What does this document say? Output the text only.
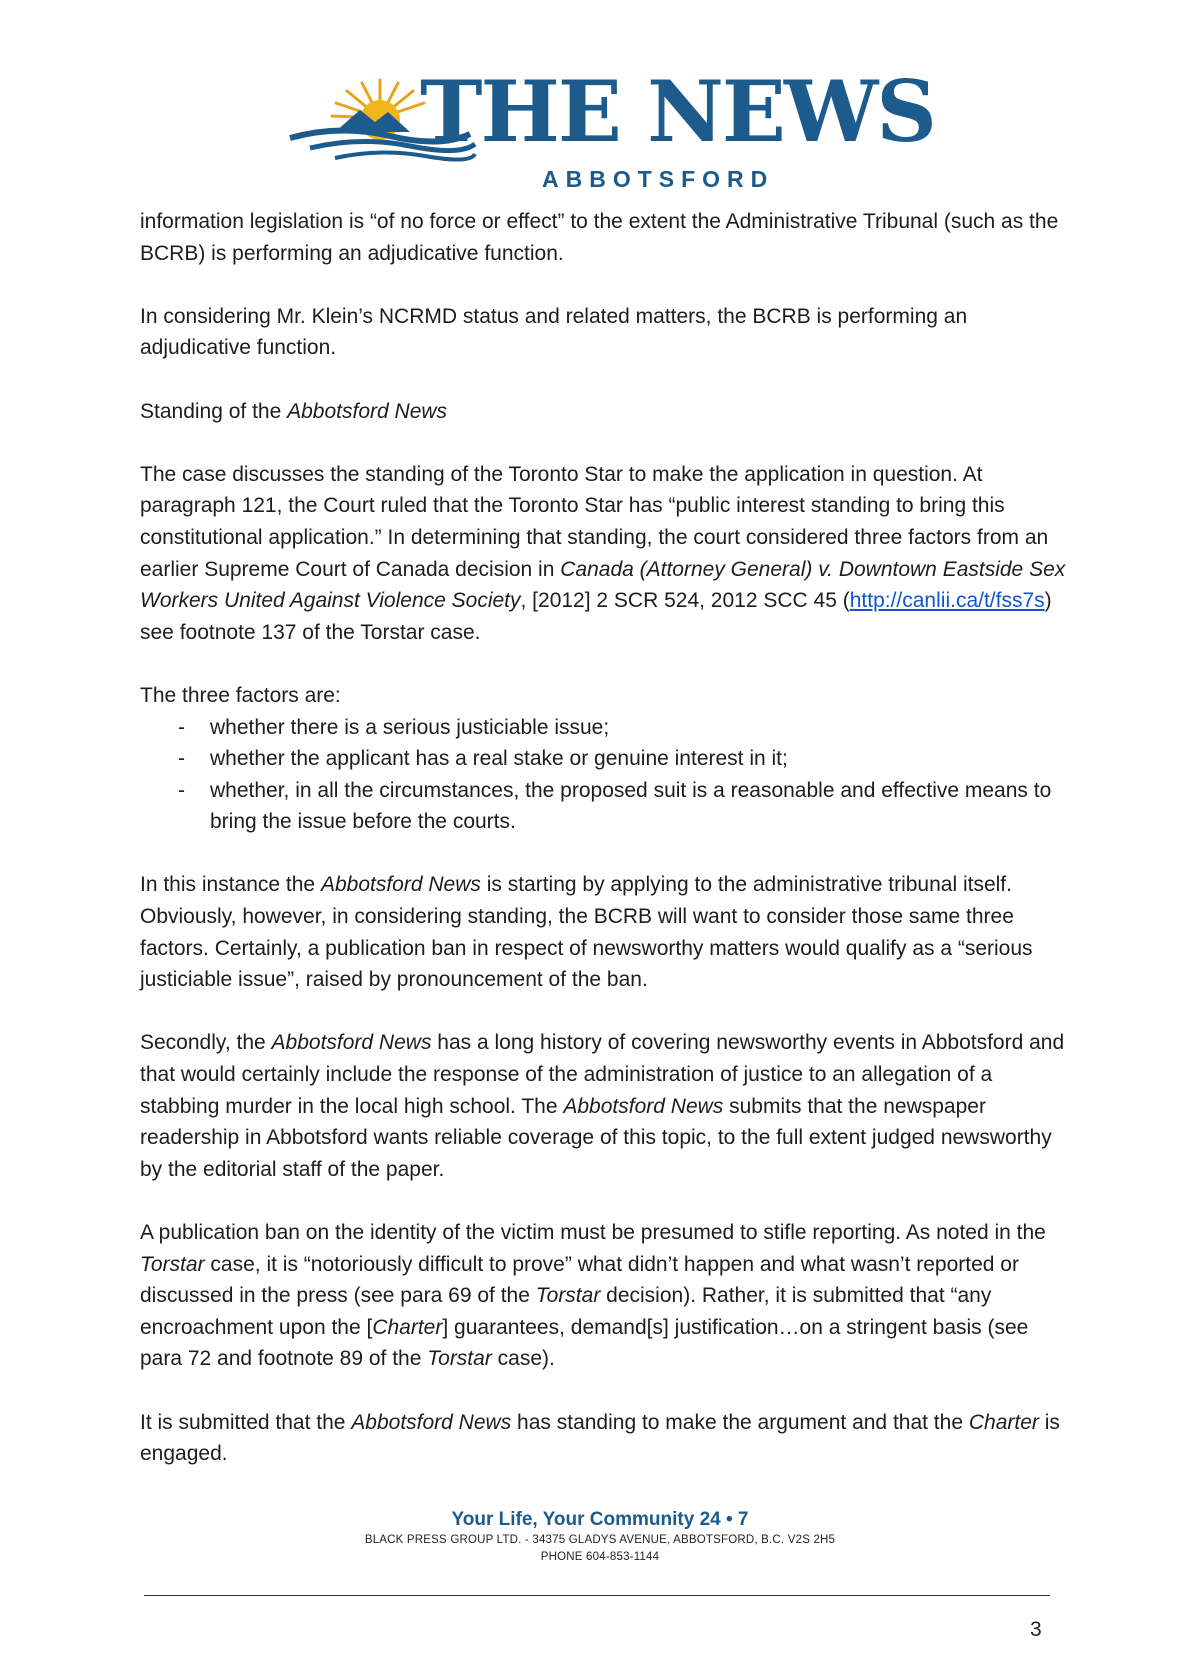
THE NEWS
ABBOTSFORD

information legislation is “of no force or effect” to the extent the Administrative Tribunal (such as the BCRB) is performing an adjudicative function.

In considering Mr. Klein’s NCRMD status and related matters, the BCRB is performing an adjudicative function.

Standing of the Abbotsford News

The case discusses the standing of the Toronto Star to make the application in question. At paragraph 121, the Court ruled that the Toronto Star has “public interest standing to bring this constitutional application.” In determining that standing, the court considered three factors from an earlier Supreme Court of Canada decision in Canada (Attorney General) v. Downtown Eastside Sex Workers United Against Violence Society, [2012] 2 SCR 524, 2012 SCC 45 (http://canlii.ca/t/fss7s) see footnote 137 of the Torstar case.

The three factors are:

- whether there is a serious justiciable issue;
- whether the applicant has a real stake or genuine interest in it;
- whether, in all the circumstances, the proposed suit is a reasonable and effective means to bring the issue before the courts.

In this instance the Abbotsford News is starting by applying to the administrative tribunal itself. Obviously, however, in considering standing, the BCRB will want to consider those same three factors. Certainly, a publication ban in respect of newsworthy matters would qualify as a “serious justiciable issue”, raised by pronouncement of the ban.

Secondly, the Abbotsford News has a long history of covering newsworthy events in Abbotsford and that would certainly include the response of the administration of justice to an allegation of a stabbing murder in the local high school. The Abbotsford News submits that the newspaper readership in Abbotsford wants reliable coverage of this topic, to the full extent judged newsworthy by the editorial staff of the paper.

A publication ban on the identity of the victim must be presumed to stifle reporting. As noted in the Torstar case, it is “notoriously difficult to prove” what didn’t happen and what wasn’t reported or discussed in the press (see para 69 of the Torstar decision). Rather, it is submitted that “any encroachment upon the [Charter] guarantees, demand[s] justification…on a stringent basis (see para 72 and footnote 89 of the Torstar case).

It is submitted that the Abbotsford News has standing to make the argument and that the Charter is engaged.

Your Life, Your Community 24 • 7
BLACK PRESS GROUP LTD. - 34375 GLADYS AVENUE, ABBOTSFORD, B.C. V2S 2H5
PHONE 604-853-1144
3
